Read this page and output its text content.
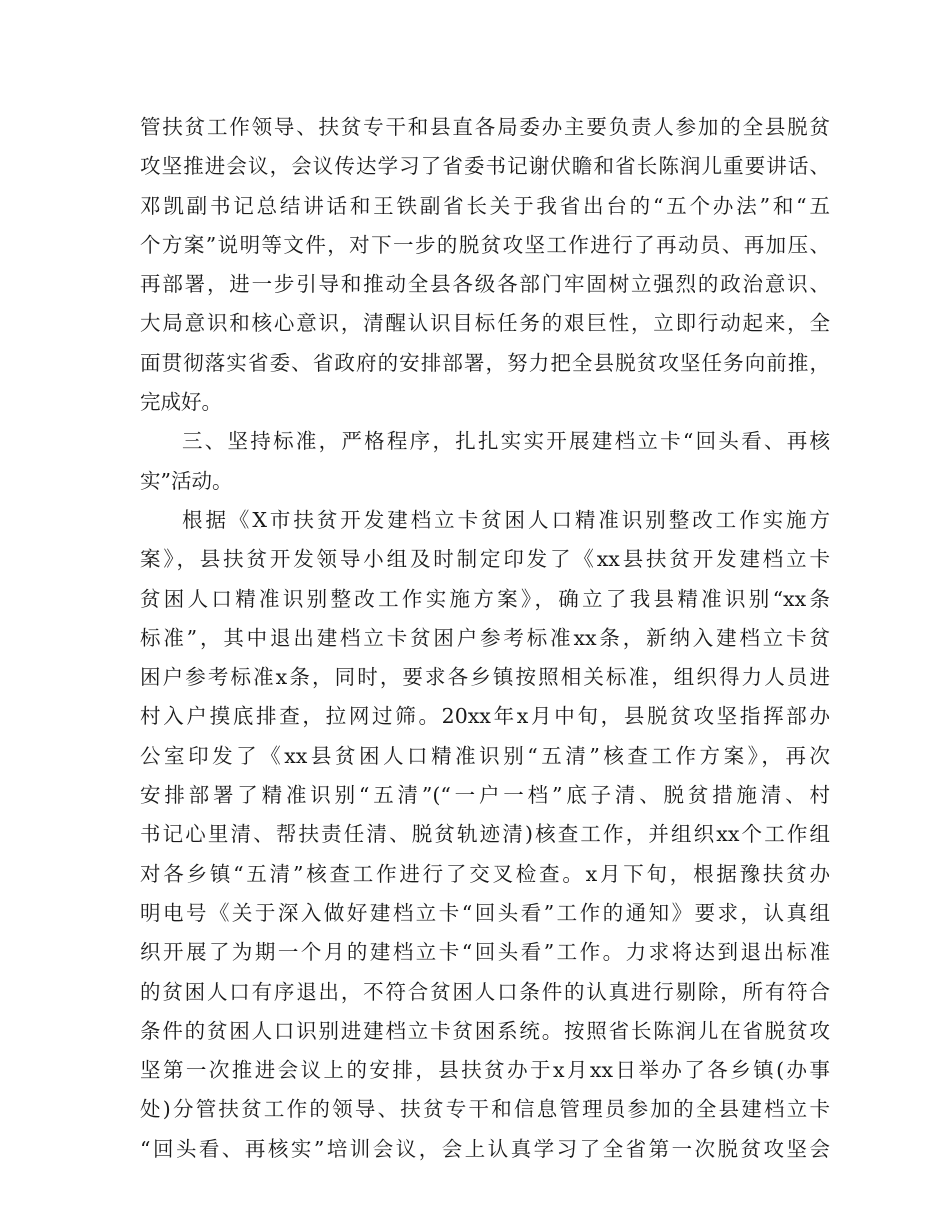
管扶贫工作领导、扶贫专干和县直各局委办主要负责人参加的全县脱贫
攻坚推进会议，会议传达学习了省委书记谢伏瞻和省长陈润儿重要讲话、
邓凯副书记总结讲话和王铁副省长关于我省出台的“五个办法”和“五
个方案”说明等文件，对下一步的脱贫攻坚工作进行了再动员、再加压、
再部署，进一步引导和推动全县各级各部门牢固树立强烈的政治意识、
大局意识和核心意识，清醒认识目标任务的艰巨性，立即行动起来，全
面贯彻落实省委、省政府的安排部署，努力把全县脱贫攻坚任务向前推，
完成好。
三、坚持标准，严格程序，扎扎实实开展建档立卡“回头看、再核
实”活动。
根据《X市扶贫开发建档立卡贫困人口精准识别整改工作实施方
案》，县扶贫开发领导小组及时制定印发了《xx县扶贫开发建档立卡
贫困人口精准识别整改工作实施方案》，确立了我县精准识别“xx条
标准”，其中退出建档立卡贫困户参考标准xx条，新纳入建档立卡贫
困户参考标准x条，同时，要求各乡镇按照相关标准，组织得力人员进
村入户摸底排查，拉网过筛。20xx年x月中旬，县脱贫攻坚指挥部办
公室印发了《xx县贫困人口精准识别“五清”核查工作方案》，再次
安排部署了精准识别“五清”(“一户一档”底子清、脱贫措施清、村
书记心里清、帮扶责任清、脱贫轨迹清)核查工作，并组织xx个工作组
对各乡镇“五清”核查工作进行了交叉检查。x月下旬，根据豫扶贫办
明电号《关于深入做好建档立卡“回头看”工作的通知》要求，认真组
织开展了为期一个月的建档立卡“回头看”工作。力求将达到退出标准
的贫困人口有序退出，不符合贫困人口条件的认真进行剔除，所有符合
条件的贫困人口识别进建档立卡贫困系统。按照省长陈润儿在省脱贫攻
坚第一次推进会议上的安排，县扶贫办于x月xx日举办了各乡镇(办事
处)分管扶贫工作的领导、扶贫专干和信息管理员参加的全县建档立卡
“回头看、再核实”培训会议，会上认真学习了全省第一次脱贫攻坚会
